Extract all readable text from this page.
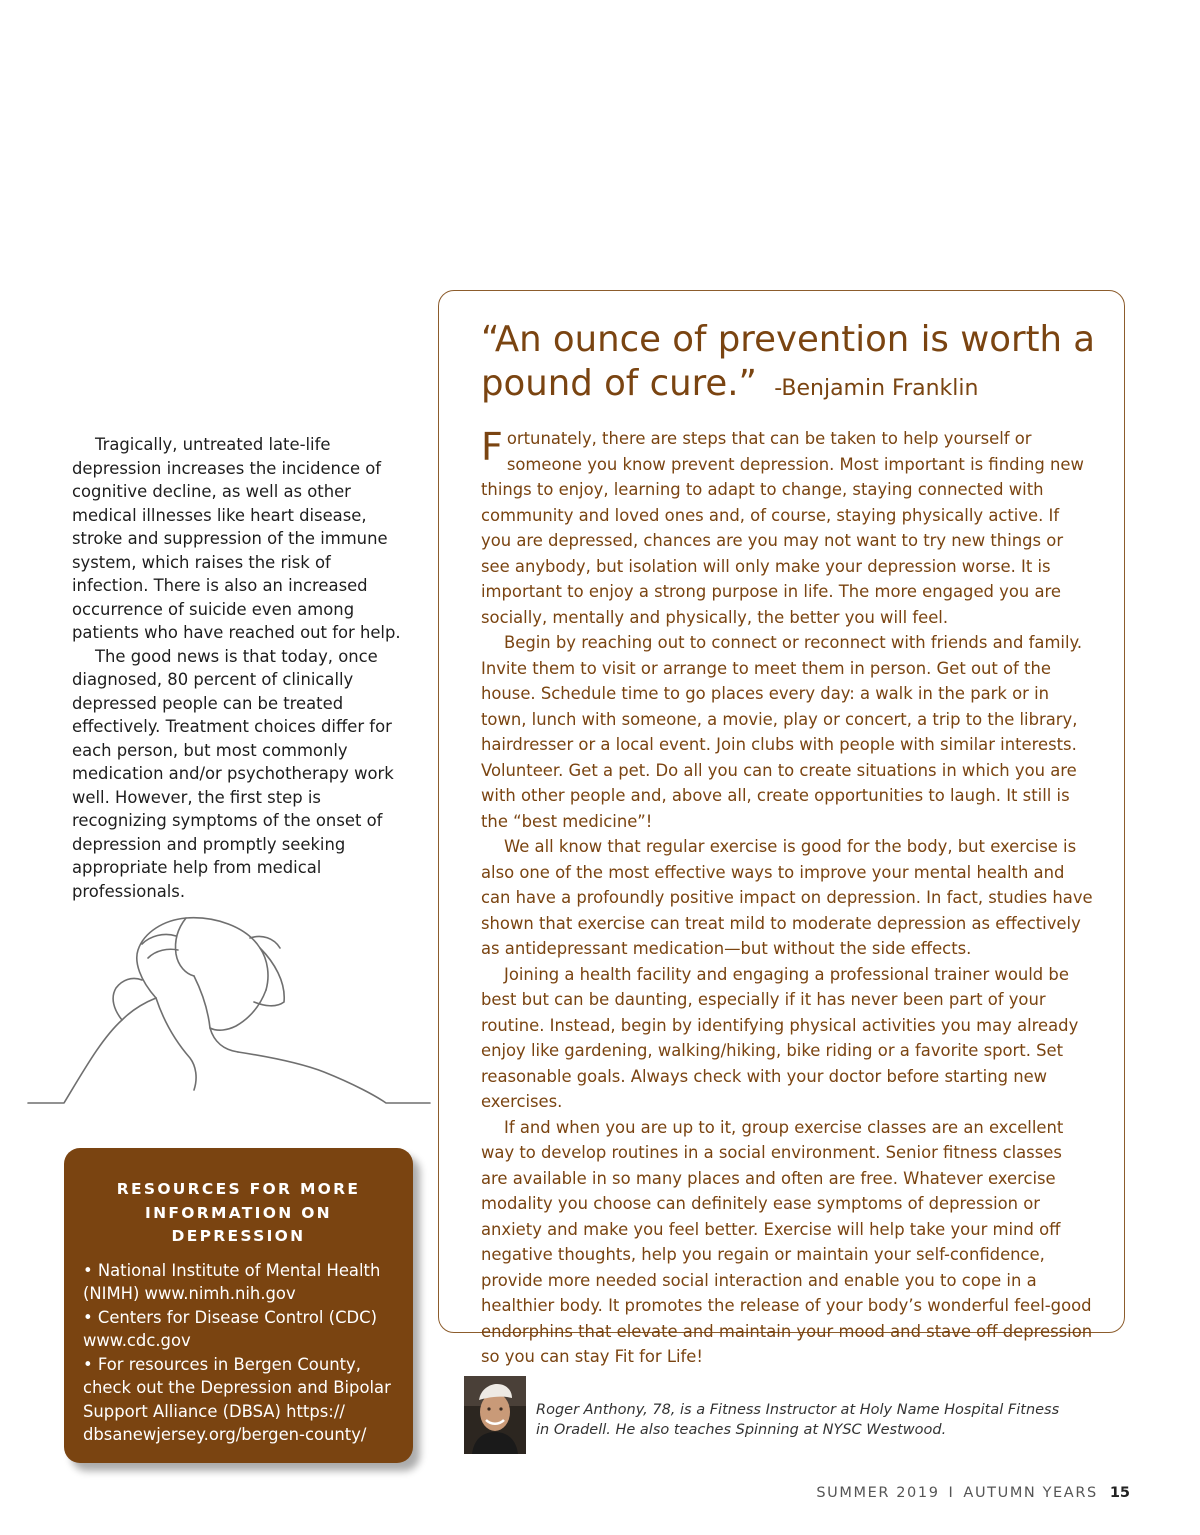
Tragically, untreated late-life depression increases the incidence of cognitive decline, as well as other medical illnesses like heart disease, stroke and suppression of the immune system, which raises the risk of infection. There is also an increased occurrence of suicide even among patients who have reached out for help.

The good news is that today, once diagnosed, 80 percent of clinically depressed people can be treated effectively. Treatment choices differ for each person, but most commonly medication and/or psychotherapy work well. However, the first step is recognizing symptoms of the onset of depression and promptly seeking appropriate help from medical professionals.

RESOURCES FOR MORE
INFORMATION ON DEPRESSION
• National Institute of Mental Health (NIMH) www.nimh.nih.gov
• Centers for Disease Control (CDC) www.cdc.gov
• For resources in Bergen County, check out the Depression and Bipolar Support Alliance (DBSA) https:// dbsanewjersey.org/bergen-county/
“An ounce of prevention is worth a pound of cure.” -Benjamin Franklin

Fortunately, there are steps that can be taken to help yourself or someone you know prevent depression. Most important is finding new things to enjoy, learning to adapt to change, staying connected with community and loved ones and, of course, staying physically active. If you are depressed, chances are you may not want to try new things or see anybody, but isolation will only make your depression worse. It is important to enjoy a strong purpose in life. The more engaged you are socially, mentally and physically, the better you will feel.

Begin by reaching out to connect or reconnect with friends and family. Invite them to visit or arrange to meet them in person. Get out of the house. Schedule time to go places every day: a walk in the park or in town, lunch with someone, a movie, play or concert, a trip to the library, hairdresser or a local event. Join clubs with people with similar interests. Volunteer. Get a pet. Do all you can to create situations in which you are with other people and, above all, create opportunities to laugh. It still is the “best medicine”!

We all know that regular exercise is good for the body, but exercise is also one of the most effective ways to improve your mental health and can have a profoundly positive impact on depression. In fact, studies have shown that exercise can treat mild to moderate depression as effectively as antidepressant medication—but without the side effects.

Joining a health facility and engaging a professional trainer would be best but can be daunting, especially if it has never been part of your routine. Instead, begin by identifying physical activities you may already enjoy like gardening, walking/hiking, bike riding or a favorite sport. Set reasonable goals. Always check with your doctor before starting new exercises.

If and when you are up to it, group exercise classes are an excellent way to develop routines in a social environment. Senior fitness classes are available in so many places and often are free. Whatever exercise modality you choose can definitely ease symptoms of depression or anxiety and make you feel better. Exercise will help take your mind off negative thoughts, help you regain or maintain your self-confidence, provide more needed social interaction and enable you to cope in a healthier body. It promotes the release of your body’s wonderful feel-good endorphins that elevate and maintain your mood and stave off depression so you can stay Fit for Life!

Roger Anthony, 78, is a Fitness Instructor at Holy Name Hospital Fitness in Oradell. He also teaches Spinning at NYSC Westwood.
SUMMER 2019 I AUTUMN YEARS 15
